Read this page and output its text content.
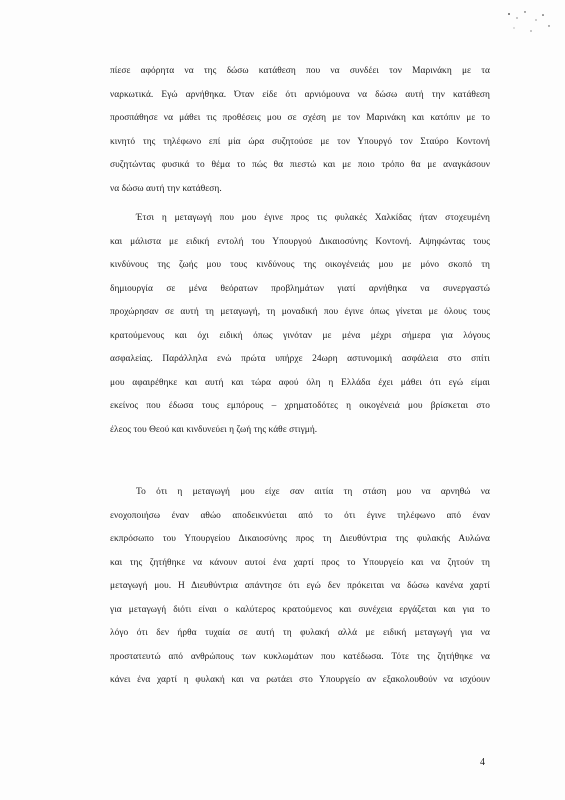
πίεσε αφόρητα να της δώσω κατάθεση που να συνδέει τον Μαρινάκη με τα
ναρκωτικά. Εγώ αρνήθηκα. Όταν είδε ότι αρνιόμουνα να δώσω αυτή την κατάθεση
προσπάθησε να μάθει τις προθέσεις μου σε σχέση με τον Μαρινάκη και κατόπιν με το
κινητό της τηλέφωνο επί μία ώρα συζητούσε με τον Υπουργό τον Σταύρο Κοντονή
συζητώντας φυσικά το θέμα το πώς θα πιεστώ και με ποιο τρόπο θα με αναγκάσουν
να δώσω αυτή την κατάθεση.
Έτσι η μεταγωγή που μου έγινε προς τις φυλακές Χαλκίδας ήταν στοχευμένη
και μάλιστα με ειδική εντολή του Υπουργού Δικαιοσύνης Κοντονή. Αψηφώντας τους
κινδύνους της ζωής μου τους κινδύνους της οικογένειάς μου με μόνο σκοπό τη
δημιουργία σε μένα θεόρατων προβλημάτων γιατί αρνήθηκα να συνεργαστώ
προχώρησαν σε αυτή τη μεταγωγή, τη μοναδική που έγινε όπως γίνεται με όλους τους
κρατούμενους και όχι ειδική όπως γινόταν με μένα μέχρι σήμερα για λόγους
ασφαλείας. Παράλληλα ενώ πρώτα υπήρχε 24ωρη αστυνομική ασφάλεια στο σπίτι
μου αφαιρέθηκε και αυτή και τώρα αφού όλη η Ελλάδα έχει μάθει ότι εγώ είμαι
εκείνος που έδωσα τους εμπόρους – χρηματοδότες η οικογένειά μου βρίσκεται στο
έλεος του Θεού και κινδυνεύει η ζωή της κάθε στιγμή.
Το ότι η μεταγωγή μου είχε σαν αιτία τη στάση μου να αρνηθώ να
ενοχοποιήσω έναν αθώο αποδεικνύεται από το ότι έγινε τηλέφωνο από έναν
εκπρόσωπο του Υπουργείου Δικαιοσύνης προς τη Διευθύντρια της φυλακής Αυλώνα
και της ζητήθηκε να κάνουν αυτοί ένα χαρτί προς το Υπουργείο και να ζητούν τη
μεταγωγή μου. Η Διευθύντρια απάντησε ότι εγώ δεν πρόκειται να δώσω κανένα χαρτί
για μεταγωγή διότι είναι ο καλύτερος κρατούμενος και συνέχεια εργάζεται και για το
λόγο ότι δεν ήρθα τυχαία σε αυτή τη φυλακή αλλά με ειδική μεταγωγή για να
προστατευτώ από ανθρώπους των κυκλωμάτων που κατέδωσα. Τότε της ζητήθηκε να
κάνει ένα χαρτί η φυλακή και να ρωτάει στο Υπουργείο αν εξακολουθούν να ισχύουν
4
